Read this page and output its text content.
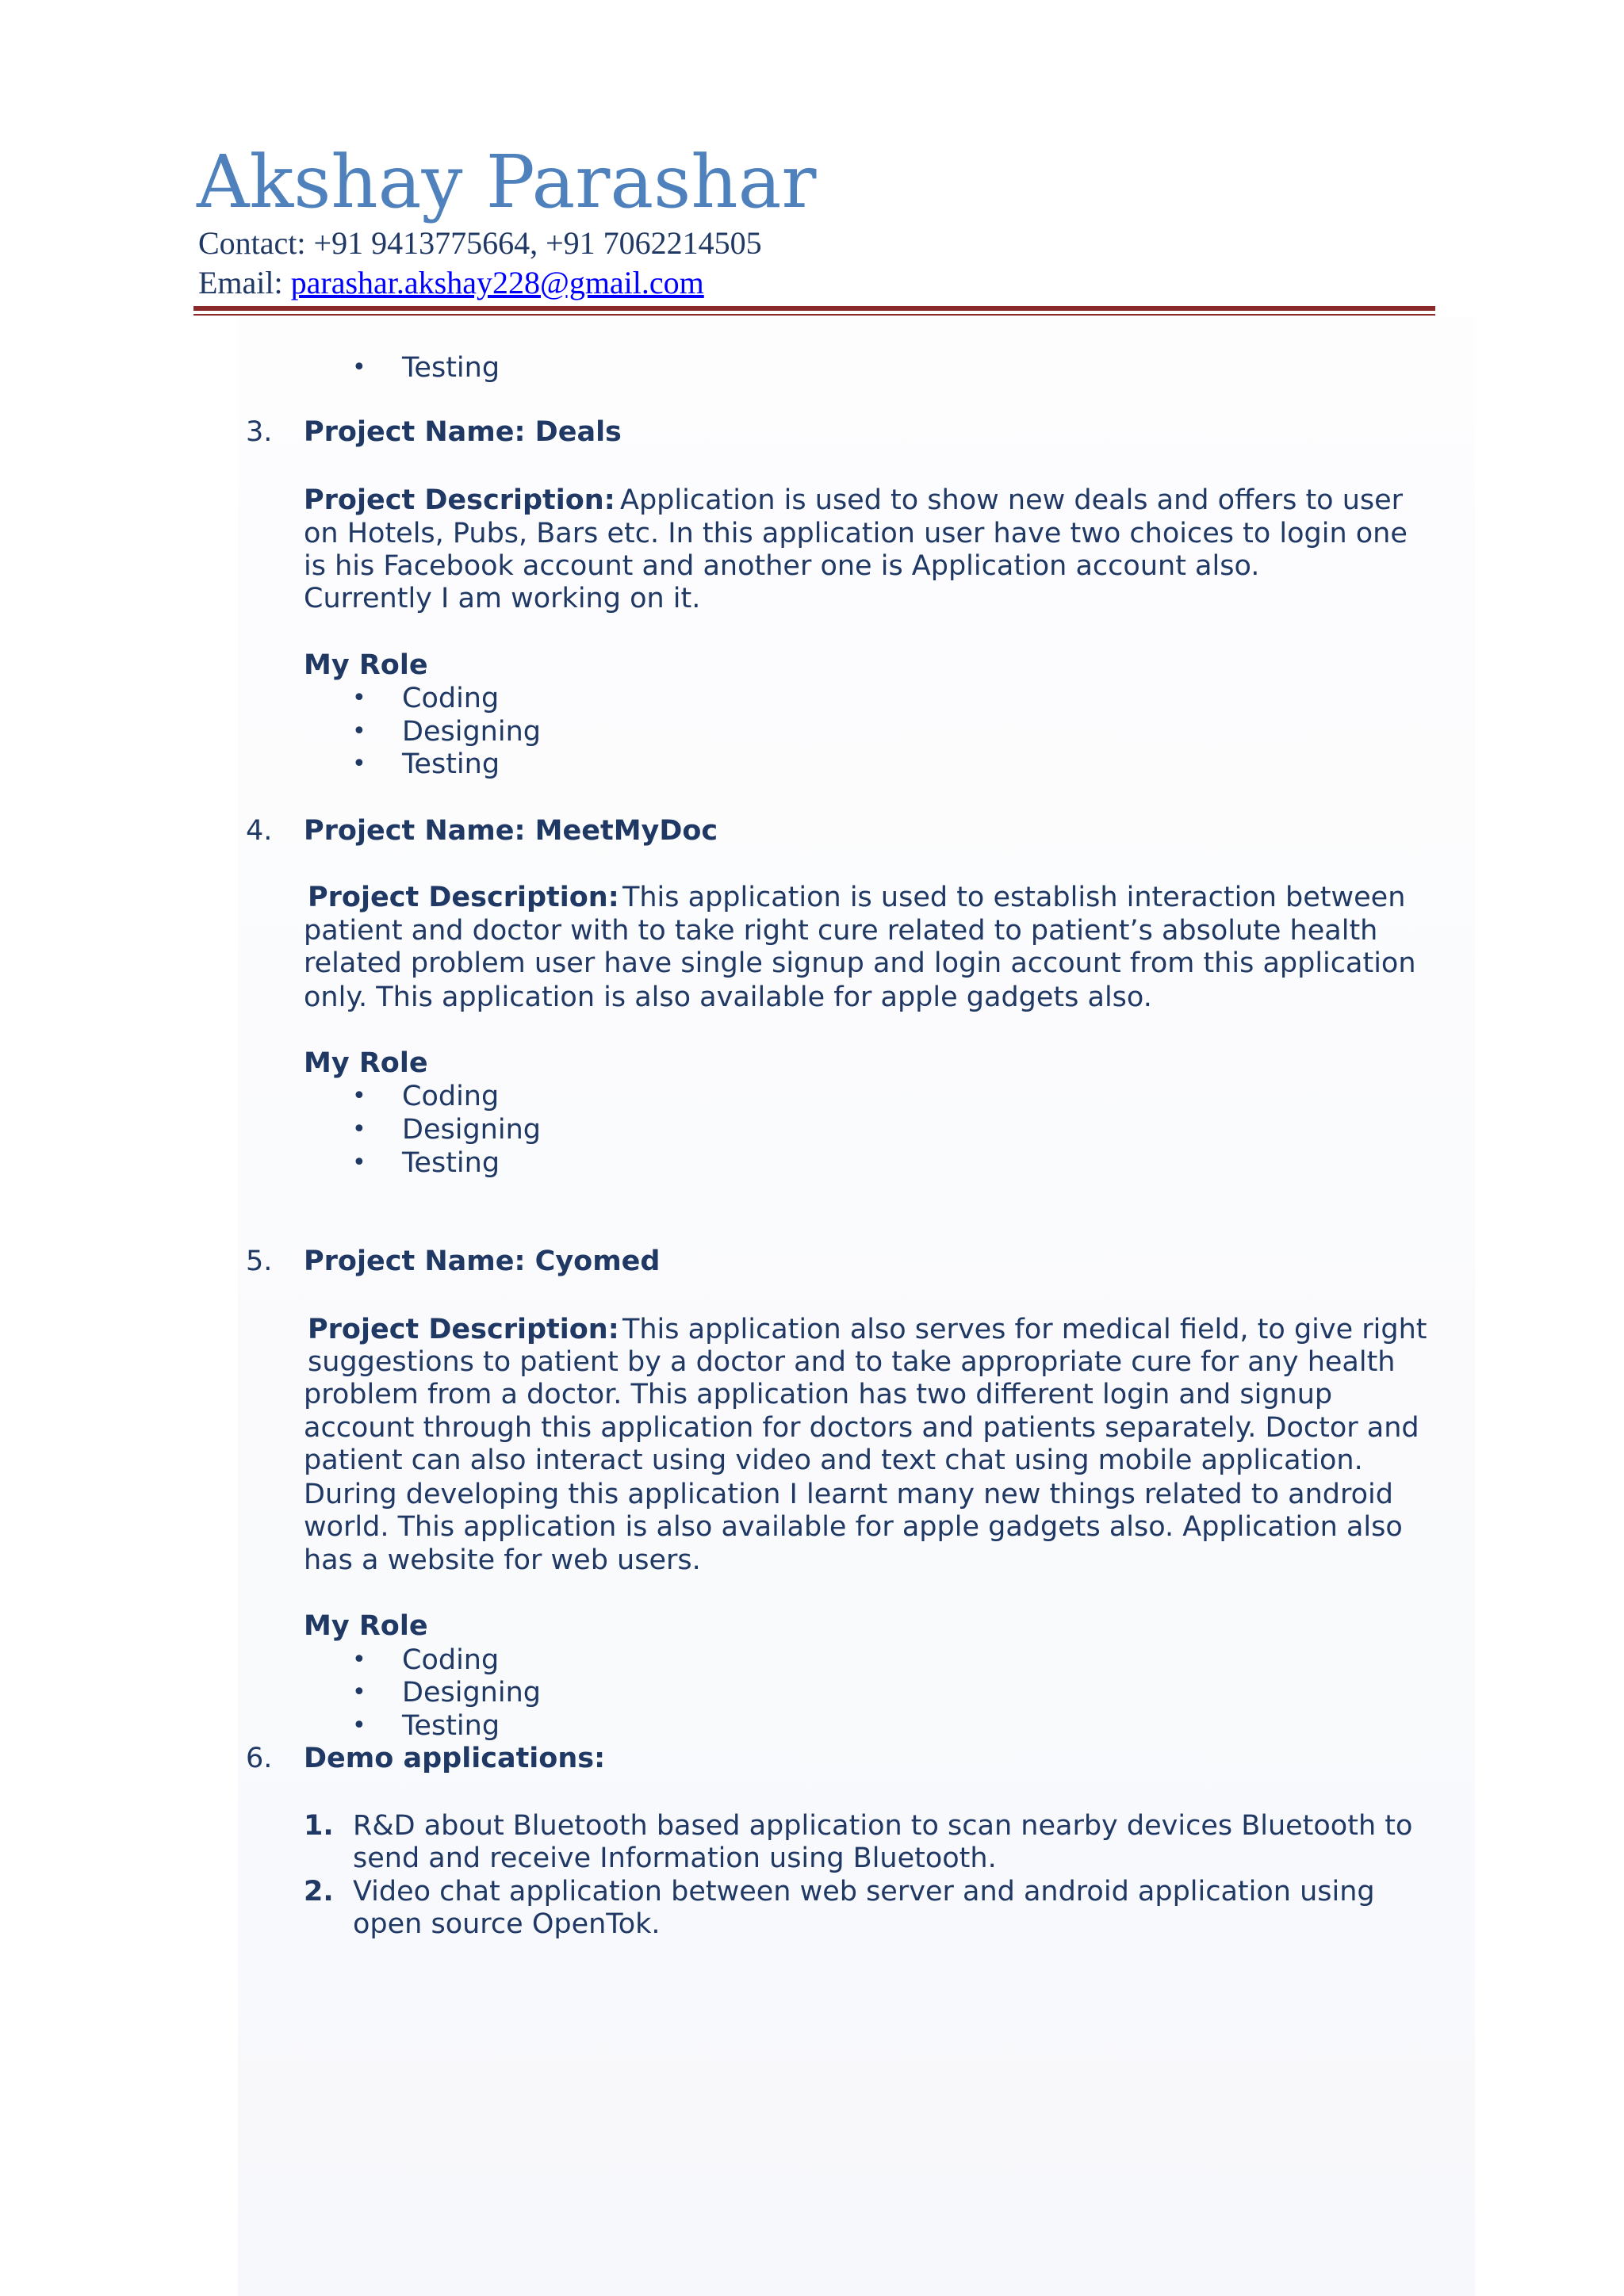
Akshay Parashar
Contact: +91 9413775664, +91 7062214505
Email: parashar.akshay228@gmail.com
• Testing
3. Project Name: Deals
Project Description: Application is used to show new deals and offers to user
on Hotels, Pubs, Bars etc. In this application user have two choices to login one
is his Facebook account and another one is Application account also.
Currently I am working on it.
My Role
• Coding
• Designing
• Testing
4. Project Name: MeetMyDoc
Project Description: This application is used to establish interaction between
patient and doctor with to take right cure related to patient’s absolute health
related problem user have single signup and login account from this application
only. This application is also available for apple gadgets also.
My Role
• Coding
• Designing
• Testing
5. Project Name: Cyomed
Project Description: This application also serves for medical field, to give right
suggestions to patient by a doctor and to take appropriate cure for any health
problem from a doctor. This application has two different login and signup
account through this application for doctors and patients separately. Doctor and
patient can also interact using video and text chat using mobile application.
During developing this application I learnt many new things related to android
world. This application is also available for apple gadgets also. Application also
has a website for web users.
My Role
• Coding
• Designing
• Testing
6. Demo applications:
1. R&D about Bluetooth based application to scan nearby devices Bluetooth to
send and receive Information using Bluetooth.
2. Video chat application between web server and android application using
open source OpenTok.
